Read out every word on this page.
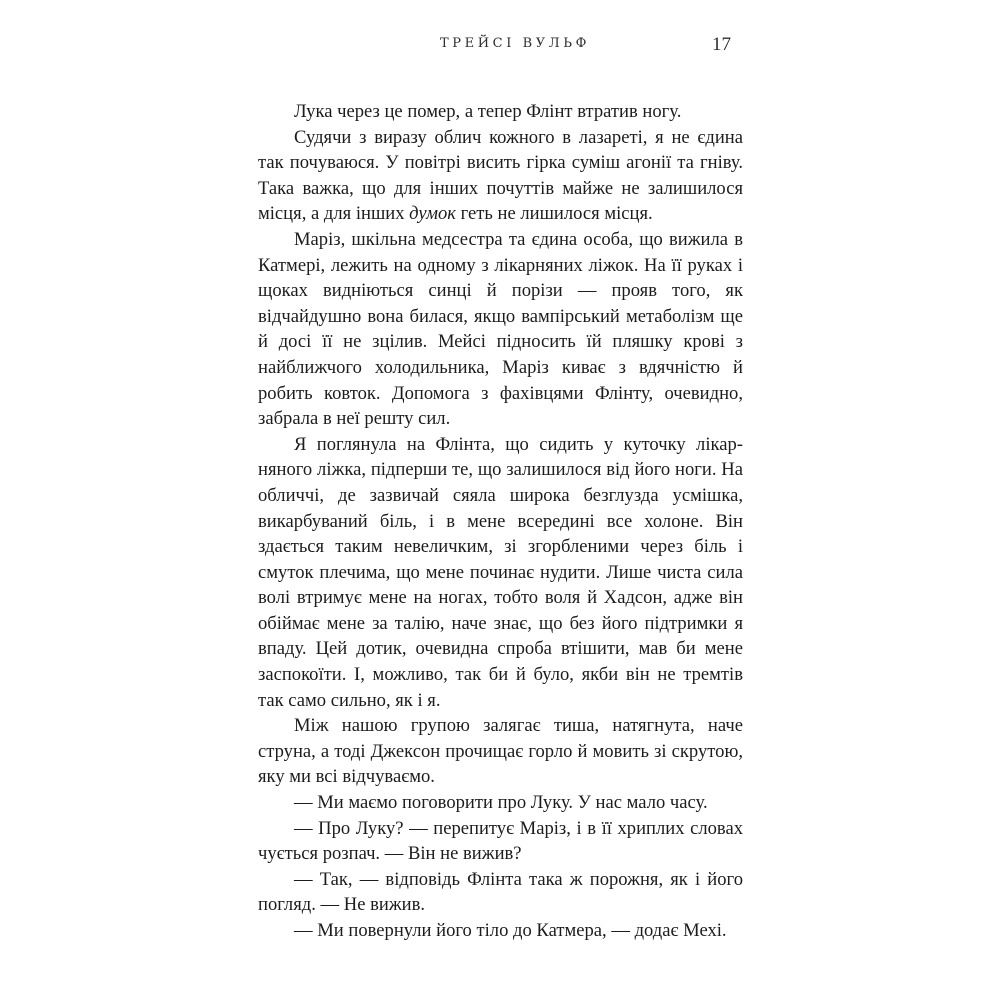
ТРЕЙСІ ВУЛЬФ	17

Лука через це помер, а тепер Флінт втратив ногу.

Судячи з виразу облич кожного в лазареті, я не єдина так почуваюся. У повітрі висить гірка суміш агонії та гніву. Така важка, що для інших почуттів майже не залишилося місця, а для інших думок геть не лишилося місця.

Маріз, шкільна медсестра та єдина особа, що вижила в Катмері, лежить на одному з лікарняних ліжок. На її руках і щоках видніються синці й порізи — прояв того, як відчайдушно вона билася, якщо вампірський метаболізм ще й досі її не зцілив. Мейсі підносить їй пляшку крові з найближчого холодильника, Маріз киває з вдячністю й робить ковток. Допомога з фахівцями Флінту, очевидно, забрала в неї решту сил.

Я поглянула на Флінта, що сидить у куточку лікарняного ліжка, підперши те, що залишилося від його ноги. На обличчі, де зазвичай сяяла широка безглузда усмішка, викарбуваний біль, і в мене всередині все холоне. Він здається таким невеличким, зі згорбленими через біль і смуток плечима, що мене починає нудити. Лише чиста сила волі втримує мене на ногах, тобто воля й Хадсон, адже він обіймає мене за талію, наче знає, що без його підтримки я впаду. Цей дотик, очевидна спроба втішити, мав би мене заспокоїти. І, можливо, так би й було, якби він не тремтів так само сильно, як і я.

Між нашою групою залягає тиша, натягнута, наче струна, а тоді Джексон прочищає горло й мовить зі скрутою, яку ми всі відчуваємо.

— Ми маємо поговорити про Луку. У нас мало часу.

— Про Луку? — перепитує Маріз, і в її хриплих словах чується розпач. — Він не вижив?

— Так, — відповідь Флінта така ж порожня, як і його погляд. — Не вижив.

— Ми повернули його тіло до Катмера, — додає Мехі.
